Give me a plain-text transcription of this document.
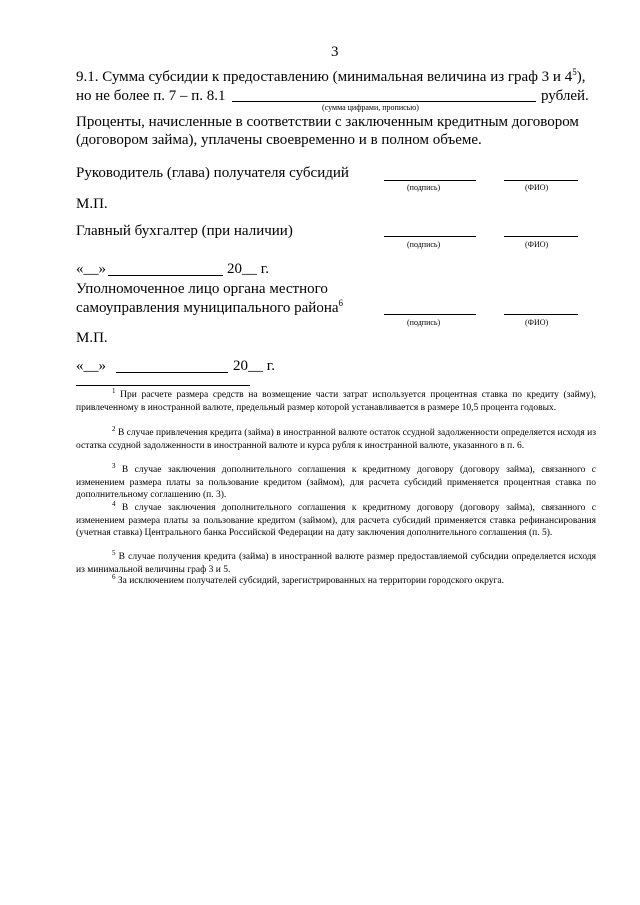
3
9.1. Сумма субсидии к предоставлению (минимальная величина из граф 3 и $4^5$),
но не более п. 7 – п. 8.1	рублей.
(сумма цифрами, прописью)
Проценты, начисленные в соответствии с заключенным кредитным договором
(договором займа), уплачены своевременно и в полном объеме.
Руководитель (глава) получателя субсидий
(подпись)	(ФИО)
М.П.
Главный бухгалтер (при наличии)
(подпись)	(ФИО)
«__»	20__ г.
Уполномоченное лицо органа местного
самоуправления муниципального района$^6$
(подпись)	(ФИО)
М.П.
«__»	20__ г.
$^1$ При расчете размера средств на возмещение части затрат используется процентная ставка по кредиту (займу), привлеченному в иностранной валюте, предельный размер которой устанавливается в размере 10,5 процента годовых.
$^2$ В случае привлечения кредита (займа) в иностранной валюте остаток ссудной задолженности определяется исходя из остатка ссудной задолженности в иностранной валюте и курса рубля к иностранной валюте, указанного в п. 6.
$^3$ В случае заключения дополнительного соглашения к кредитному договору (договору займа), связанного с изменением размера платы за пользование кредитом (займом), для расчета субсидий применяется процентная ставка по дополнительному соглашению (п. 3).
$^4$ В случае заключения дополнительного соглашения к кредитному договору (договору займа), связанного с изменением размера платы за пользование кредитом (займом), для расчета субсидий применяется ставка рефинансирования (учетная ставка) Центрального банка Российской Федерации на дату заключения дополнительного соглашения (п. 5).
$^5$ В случае получения кредита (займа) в иностранной валюте размер предоставляемой субсидии определяется исходя из минимальной величины граф 3 и 5.
$^6$ За исключением получателей субсидий, зарегистрированных на территории городского округа.
